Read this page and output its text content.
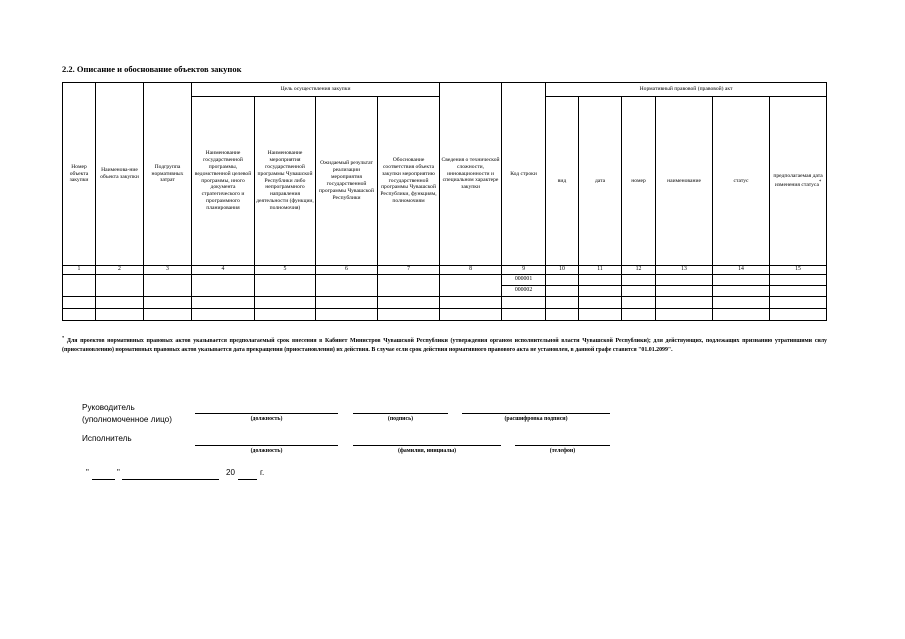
2.2. Описание и обоснование объектов закупок
Номер объекта закупки	Наименова-ние объекта закупки	Подгруппа нормативных затрат	Цель осуществления закупки				Сведения о технической сложности, инновационности и специальном характере закупки	Код строки	Нормативный правовой (правовой) акт					
			Наименование государственной программы, ведомственной целевой программы, иного документа стратегического и программного планирования	Наименование мероприятия государственной программы Чувашской Республики либо непрограммного направления деятельности (функции, полномочия)	Ожидаемый результат реализации мероприятия государственной программы Чувашской Республики	Обоснование соответствия объекта закупки мероприятию государственной программы Чувашской Республики, функциям, полномочиям			вид	дата	номер	наименование	статус	предполагаемая дата изменения статуса*
1	2	3	4	5	6	7	8	9	10	11	12	13	14	15
								000001						
								000002						

* Для проектов нормативных правовых актов указывается предполагаемый срок внесения в Кабинет Министров Чувашской Республики (утверждения органом исполнительной власти Чувашской Республики); для действующих, подлежащих признанию утратившими силу (приостановлению) нормативных правовых актов указывается дата прекращения (приостановления) их действия. В случае если срок действия нормативного правового акта не установлен, в данной графе ставится "01.01.2099".
Руководитель
(уполномоченное лицо)	(должность)	(подпись)	(расшифровка подписи)
Исполнитель
(должность)	(фамилия, инициалы)	(телефон)
"	"	20	г.
